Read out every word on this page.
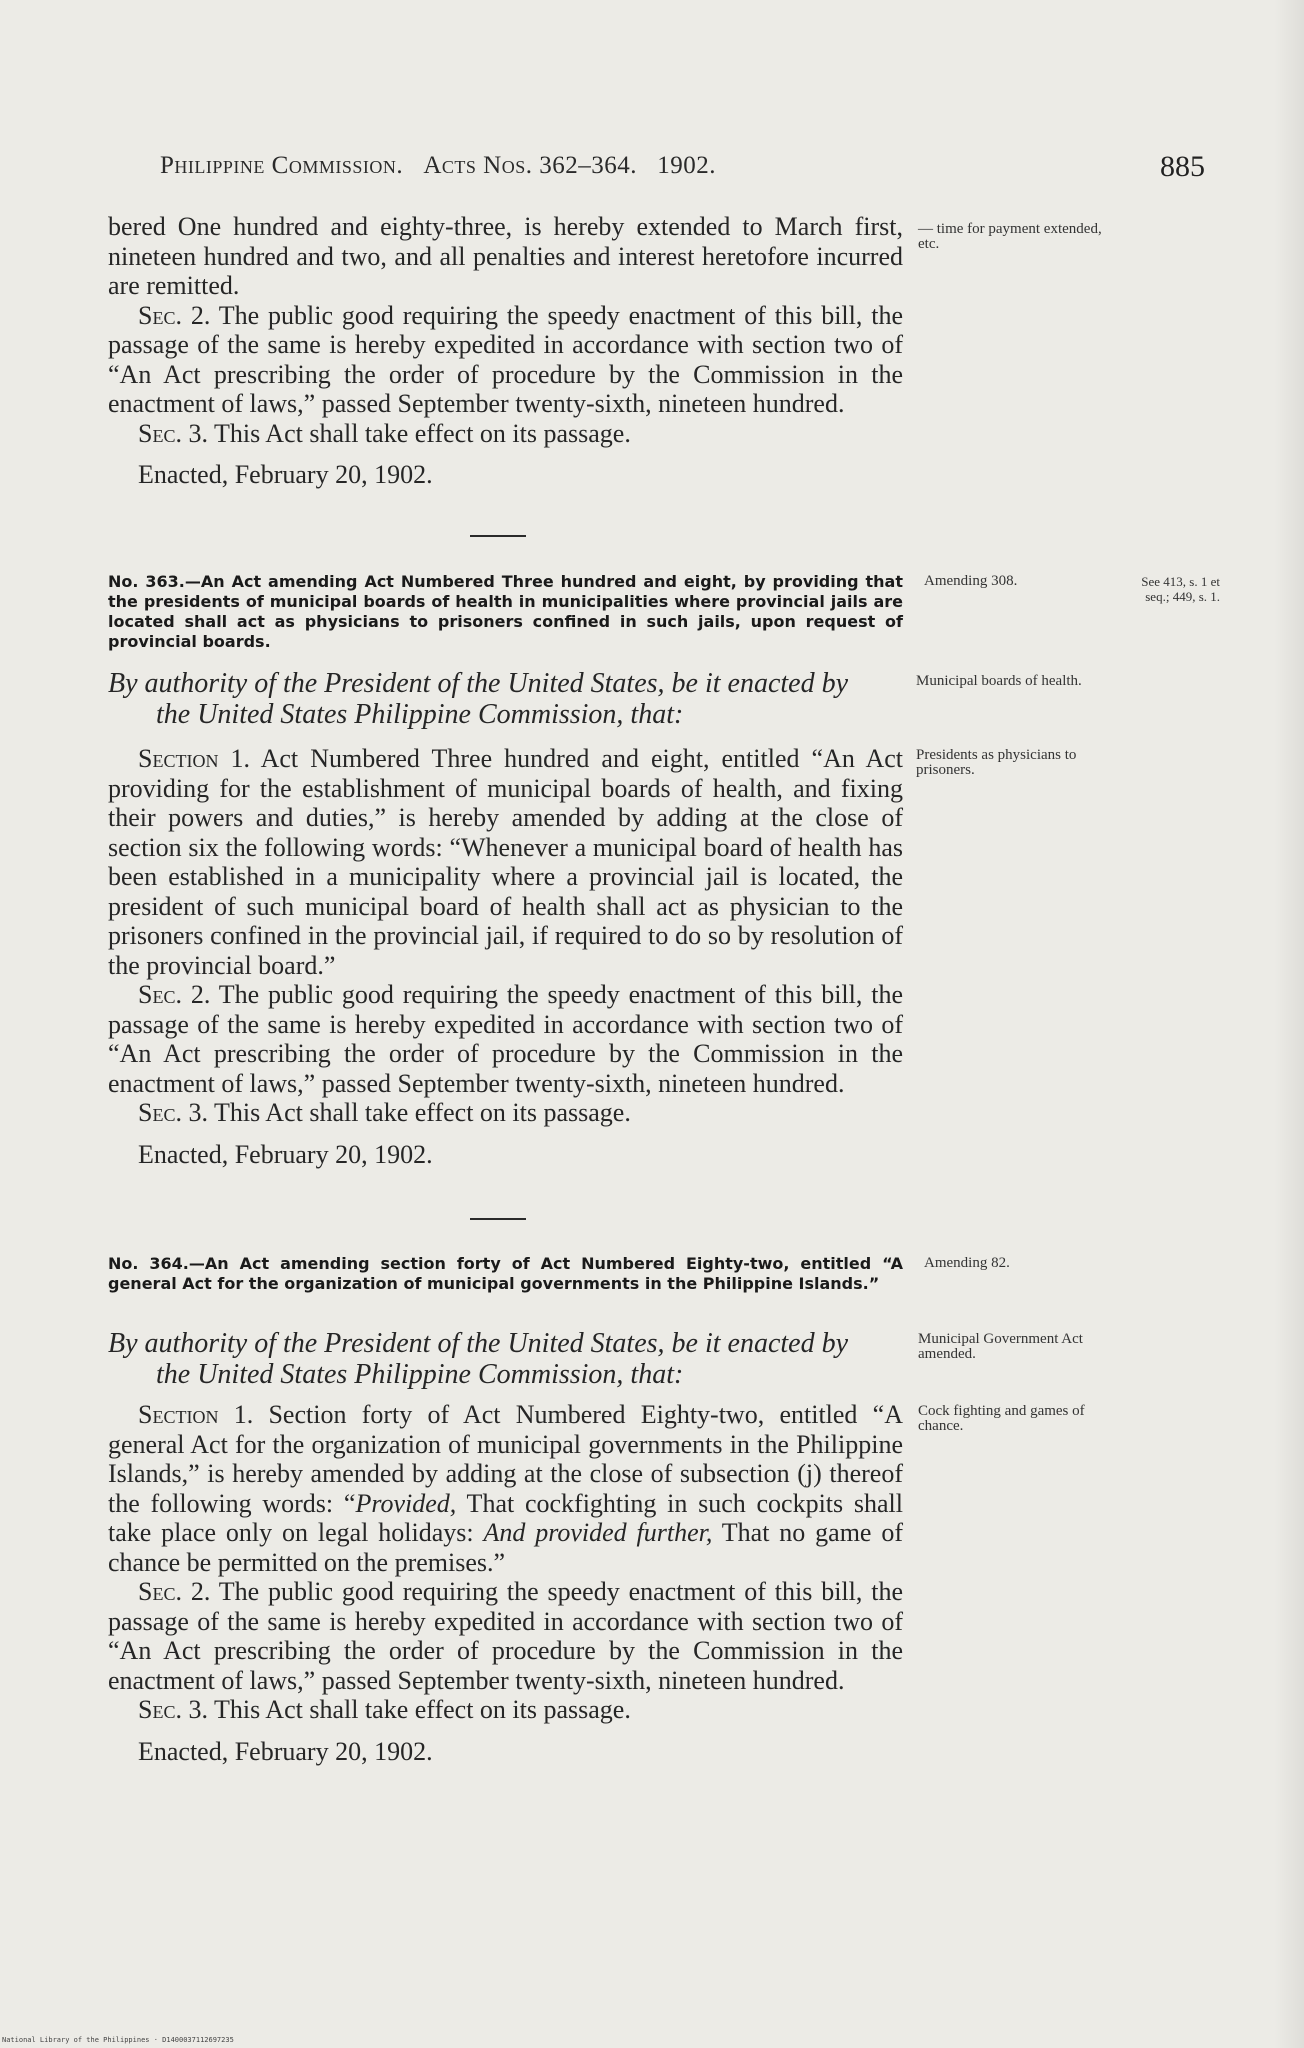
Philippine Commission. Acts Nos. 362–364. 1902.	885

bered One hundred and eighty-three, is hereby extended to March first, nineteen hundred and two, and all penalties and interest heretofore incurred are remitted.

Sec. 2. The public good requiring the speedy enactment of this bill, the passage of the same is hereby expedited in accordance with section two of “An Act prescribing the order of procedure by the Commission in the enactment of laws,” passed September twenty-sixth, nineteen hundred.

Sec. 3. This Act shall take effect on its passage.

Enacted, February 20, 1902.

— time for payment extended, etc.
No. 363.—An Act amending Act Numbered Three hundred and eight, by providing that the presidents of municipal boards of health in municipalities where provincial jails are located shall act as physicians to prisoners confined in such jails, upon request of provincial boards.
Amending 308.	See 413, s. 1 et seq.; 449, s. 1.
By authority of the President of the United States, be it enacted by
the United States Philippine Commission, that:
Municipal boards of health.

Section 1. Act Numbered Three hundred and eight, entitled “An Act providing for the establishment of municipal boards of health, and fixing their powers and duties,” is hereby amended by adding at the close of section six the following words: “Whenever a municipal board of health has been established in a municipality where a provincial jail is located, the president of such municipal board of health shall act as physician to the prisoners confined in the provincial jail, if required to do so by resolution of the provincial board.”

Sec. 2. The public good requiring the speedy enactment of this bill, the passage of the same is hereby expedited in accordance with section two of “An Act prescribing the order of procedure by the Commission in the enactment of laws,” passed September twenty-sixth, nineteen hundred.

Sec. 3. This Act shall take effect on its passage.

Enacted, February 20, 1902.

Presidents as physicians to prisoners.
No. 364.—An Act amending section forty of Act Numbered Eighty-two, entitled “A general Act for the organization of municipal governments in the Philippine Islands.”
Amending 82.
By authority of the President of the United States, be it enacted by
the United States Philippine Commission, that:
Municipal Government Act amended.

Section 1. Section forty of Act Numbered Eighty-two, entitled “A general Act for the organization of municipal governments in the Philippine Islands,” is hereby amended by adding at the close of subsection (j) thereof the following words: “Provided, That cockfighting in such cockpits shall take place only on legal holidays: And provided further, That no game of chance be permitted on the premises.”

Sec. 2. The public good requiring the speedy enactment of this bill, the passage of the same is hereby expedited in accordance with section two of “An Act prescribing the order of procedure by the Commission in the enactment of laws,” passed September twenty-sixth, nineteen hundred.

Sec. 3. This Act shall take effect on its passage.

Enacted, February 20, 1902.

Cock fighting and games of chance.
National Library of the Philippines · D1400037112697235
